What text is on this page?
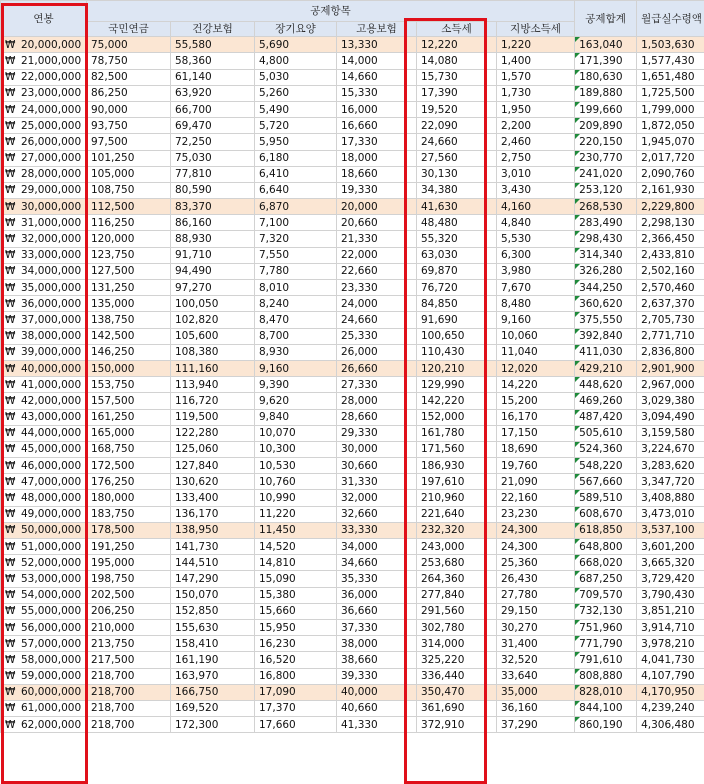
연봉	공제항목						공제합계	월급실수령액
	국민연금	건강보험	장기요양	고용보험	소득세	지방소득세		
₩ 20,000,000	75,000	55,580	5,690	13,330	12,220	1,220	163,040	1,503,630
₩ 21,000,000	78,750	58,360	4,800	14,000	14,080	1,400	171,390	1,577,430
₩ 22,000,000	82,500	61,140	5,030	14,660	15,730	1,570	180,630	1,651,480
₩ 23,000,000	86,250	63,920	5,260	15,330	17,390	1,730	189,880	1,725,500
₩ 24,000,000	90,000	66,700	5,490	16,000	19,520	1,950	199,660	1,799,000
₩ 25,000,000	93,750	69,470	5,720	16,660	22,090	2,200	209,890	1,872,050
₩ 26,000,000	97,500	72,250	5,950	17,330	24,660	2,460	220,150	1,945,070
₩ 27,000,000	101,250	75,030	6,180	18,000	27,560	2,750	230,770	2,017,720
₩ 28,000,000	105,000	77,810	6,410	18,660	30,130	3,010	241,020	2,090,760
₩ 29,000,000	108,750	80,590	6,640	19,330	34,380	3,430	253,120	2,161,930
₩ 30,000,000	112,500	83,370	6,870	20,000	41,630	4,160	268,530	2,229,800
₩ 31,000,000	116,250	86,160	7,100	20,660	48,480	4,840	283,490	2,298,130
₩ 32,000,000	120,000	88,930	7,320	21,330	55,320	5,530	298,430	2,366,450
₩ 33,000,000	123,750	91,710	7,550	22,000	63,030	6,300	314,340	2,433,810
₩ 34,000,000	127,500	94,490	7,780	22,660	69,870	3,980	326,280	2,502,160
₩ 35,000,000	131,250	97,270	8,010	23,330	76,720	7,670	344,250	2,570,460
₩ 36,000,000	135,000	100,050	8,240	24,000	84,850	8,480	360,620	2,637,370
₩ 37,000,000	138,750	102,820	8,470	24,660	91,690	9,160	375,550	2,705,730
₩ 38,000,000	142,500	105,600	8,700	25,330	100,650	10,060	392,840	2,771,710
₩ 39,000,000	146,250	108,380	8,930	26,000	110,430	11,040	411,030	2,836,800
₩ 40,000,000	150,000	111,160	9,160	26,660	120,210	12,020	429,210	2,901,900
₩ 41,000,000	153,750	113,940	9,390	27,330	129,990	14,220	448,620	2,967,000
₩ 42,000,000	157,500	116,720	9,620	28,000	142,220	15,200	469,260	3,029,380
₩ 43,000,000	161,250	119,500	9,840	28,660	152,000	16,170	487,420	3,094,490
₩ 44,000,000	165,000	122,280	10,070	29,330	161,780	17,150	505,610	3,159,580
₩ 45,000,000	168,750	125,060	10,300	30,000	171,560	18,690	524,360	3,224,670
₩ 46,000,000	172,500	127,840	10,530	30,660	186,930	19,760	548,220	3,283,620
₩ 47,000,000	176,250	130,620	10,760	31,330	197,610	21,090	567,660	3,347,720
₩ 48,000,000	180,000	133,400	10,990	32,000	210,960	22,160	589,510	3,408,880
₩ 49,000,000	183,750	136,170	11,220	32,660	221,640	23,230	608,670	3,473,010
₩ 50,000,000	178,500	138,950	11,450	33,330	232,320	24,300	618,850	3,537,100
₩ 51,000,000	191,250	141,730	14,520	34,000	243,000	24,300	648,800	3,601,200
₩ 52,000,000	195,000	144,510	14,810	34,660	253,680	25,360	668,020	3,665,320
₩ 53,000,000	198,750	147,290	15,090	35,330	264,360	26,430	687,250	3,729,420
₩ 54,000,000	202,500	150,070	15,380	36,000	277,840	27,780	709,570	3,790,430
₩ 55,000,000	206,250	152,850	15,660	36,660	291,560	29,150	732,130	3,851,210
₩ 56,000,000	210,000	155,630	15,950	37,330	302,780	30,270	751,960	3,914,710
₩ 57,000,000	213,750	158,410	16,230	38,000	314,000	31,400	771,790	3,978,210
₩ 58,000,000	217,500	161,190	16,520	38,660	325,220	32,520	791,610	4,041,730
₩ 59,000,000	218,700	163,970	16,800	39,330	336,440	33,640	808,880	4,107,790
₩ 60,000,000	218,700	166,750	17,090	40,000	350,470	35,000	828,010	4,170,950
₩ 61,000,000	218,700	169,520	17,370	40,660	361,690	36,160	844,100	4,239,240
₩ 62,000,000	218,700	172,300	17,660	41,330	372,910	37,290	860,190	4,306,480
